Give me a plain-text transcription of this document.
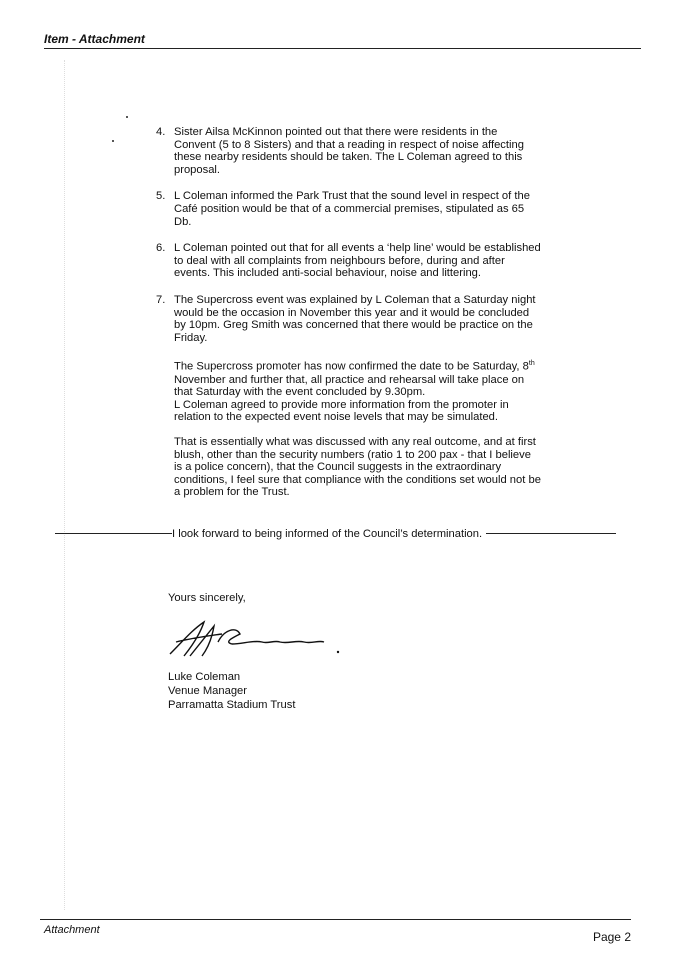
Item - Attachment
4. Sister Ailsa McKinnon pointed out that there were residents in the Convent (5 to 8 Sisters) and that a reading in respect of noise affecting these nearby residents should be taken. The L Coleman agreed to this proposal.
5. L Coleman informed the Park Trust that the sound level in respect of the Café position would be that of a commercial premises, stipulated as 65 Db.
6. L Coleman pointed out that for all events a ‘help line’ would be established to deal with all complaints from neighbours before, during and after events. This included anti-social behaviour, noise and littering.
7. The Supercross event was explained by L Coleman that a Saturday night would be the occasion in November this year and it would be concluded by 10pm. Greg Smith was concerned that there would be practice on the Friday.
The Supercross promoter has now confirmed the date to be Saturday, 8th November and further that, all practice and rehearsal will take place on that Saturday with the event concluded by 9.30pm.
L Coleman agreed to provide more information from the promoter in relation to the expected event noise levels that may be simulated.
That is essentially what was discussed with any real outcome, and at first blush, other than the security numbers (ratio 1 to 200 pax - that I believe is a police concern), that the Council suggests in the extraordinary conditions, I feel sure that compliance with the conditions set would not be a problem for the Trust.
I look forward to being informed of the Council’s determination.
Yours sincerely,
Luke Coleman
Venue Manager
Parramatta Stadium Trust
Attachment	Page 2
